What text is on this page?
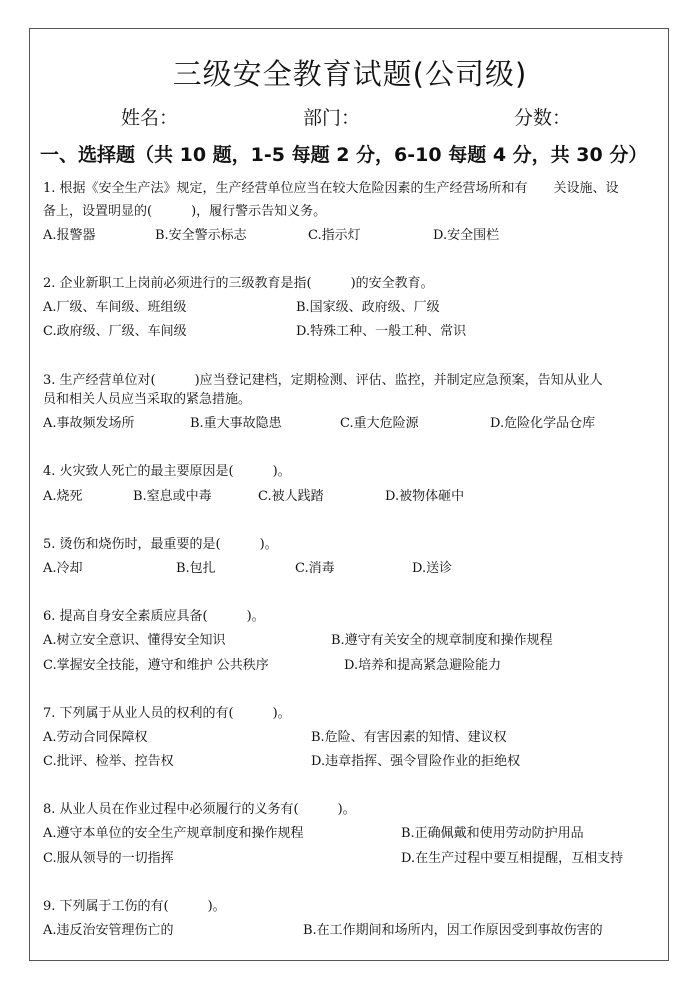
三级安全教育试题(公司级)
姓名：	部门：	分数：
一、选择题（共 10 题，1-5 每题 2 分，6-10 每题 4 分，共 30 分）
1. 根据《安全生产法》规定，生产经营单位应当在较大危险因素的生产经营场所和有　　关设施、设
备上，设置明显的(　　　)，履行警示告知义务。
A.报警器	B.安全警示标志	C.指示灯	D.安全围栏
2. 企业新职工上岗前必须进行的三级教育是指(　　　)的安全教育。
A.厂级、车间级、班组级	B.国家级、政府级、厂级
C.政府级、厂级、车间级	D.特殊工种、一般工种、常识
3. 生产经营单位对(　　　)应当登记建档，定期检测、评估、监控，并制定应急预案，告知从业人
员和相关人员应当采取的紧急措施。
A.事故频发场所	B.重大事故隐患	C.重大危险源	D.危险化学品仓库
4. 火灾致人死亡的最主要原因是(　　　)。
A.烧死	B.窒息或中毒	C.被人践踏	D.被物体砸中
5. 烫伤和烧伤时，最重要的是(　　　)。
A.冷却	B.包扎	C.消毒	D.送诊
6. 提高自身安全素质应具备(　　　)。
A.树立安全意识、懂得安全知识	B.遵守有关安全的规章制度和操作规程
C.掌握安全技能，遵守和维护 公共秩序	D.培养和提高紧急避险能力
7. 下列属于从业人员的权利的有(　　　)。
A.劳动合同保障权	B.危险、有害因素的知情、建议权
C.批评、检举、控告权	D.违章指挥、强令冒险作业的拒绝权
8. 从业人员在作业过程中必须履行的义务有(　　　)。
A.遵守本单位的安全生产规章制度和操作规程	B.正确佩戴和使用劳动防护用品
C.服从领导的一切指挥	D.在生产过程中要互相提醒，互相支持
9. 下列属于工伤的有(　　　)。
A.违反治安管理伤亡的	B.在工作期间和场所内，因工作原因受到事故伤害的
